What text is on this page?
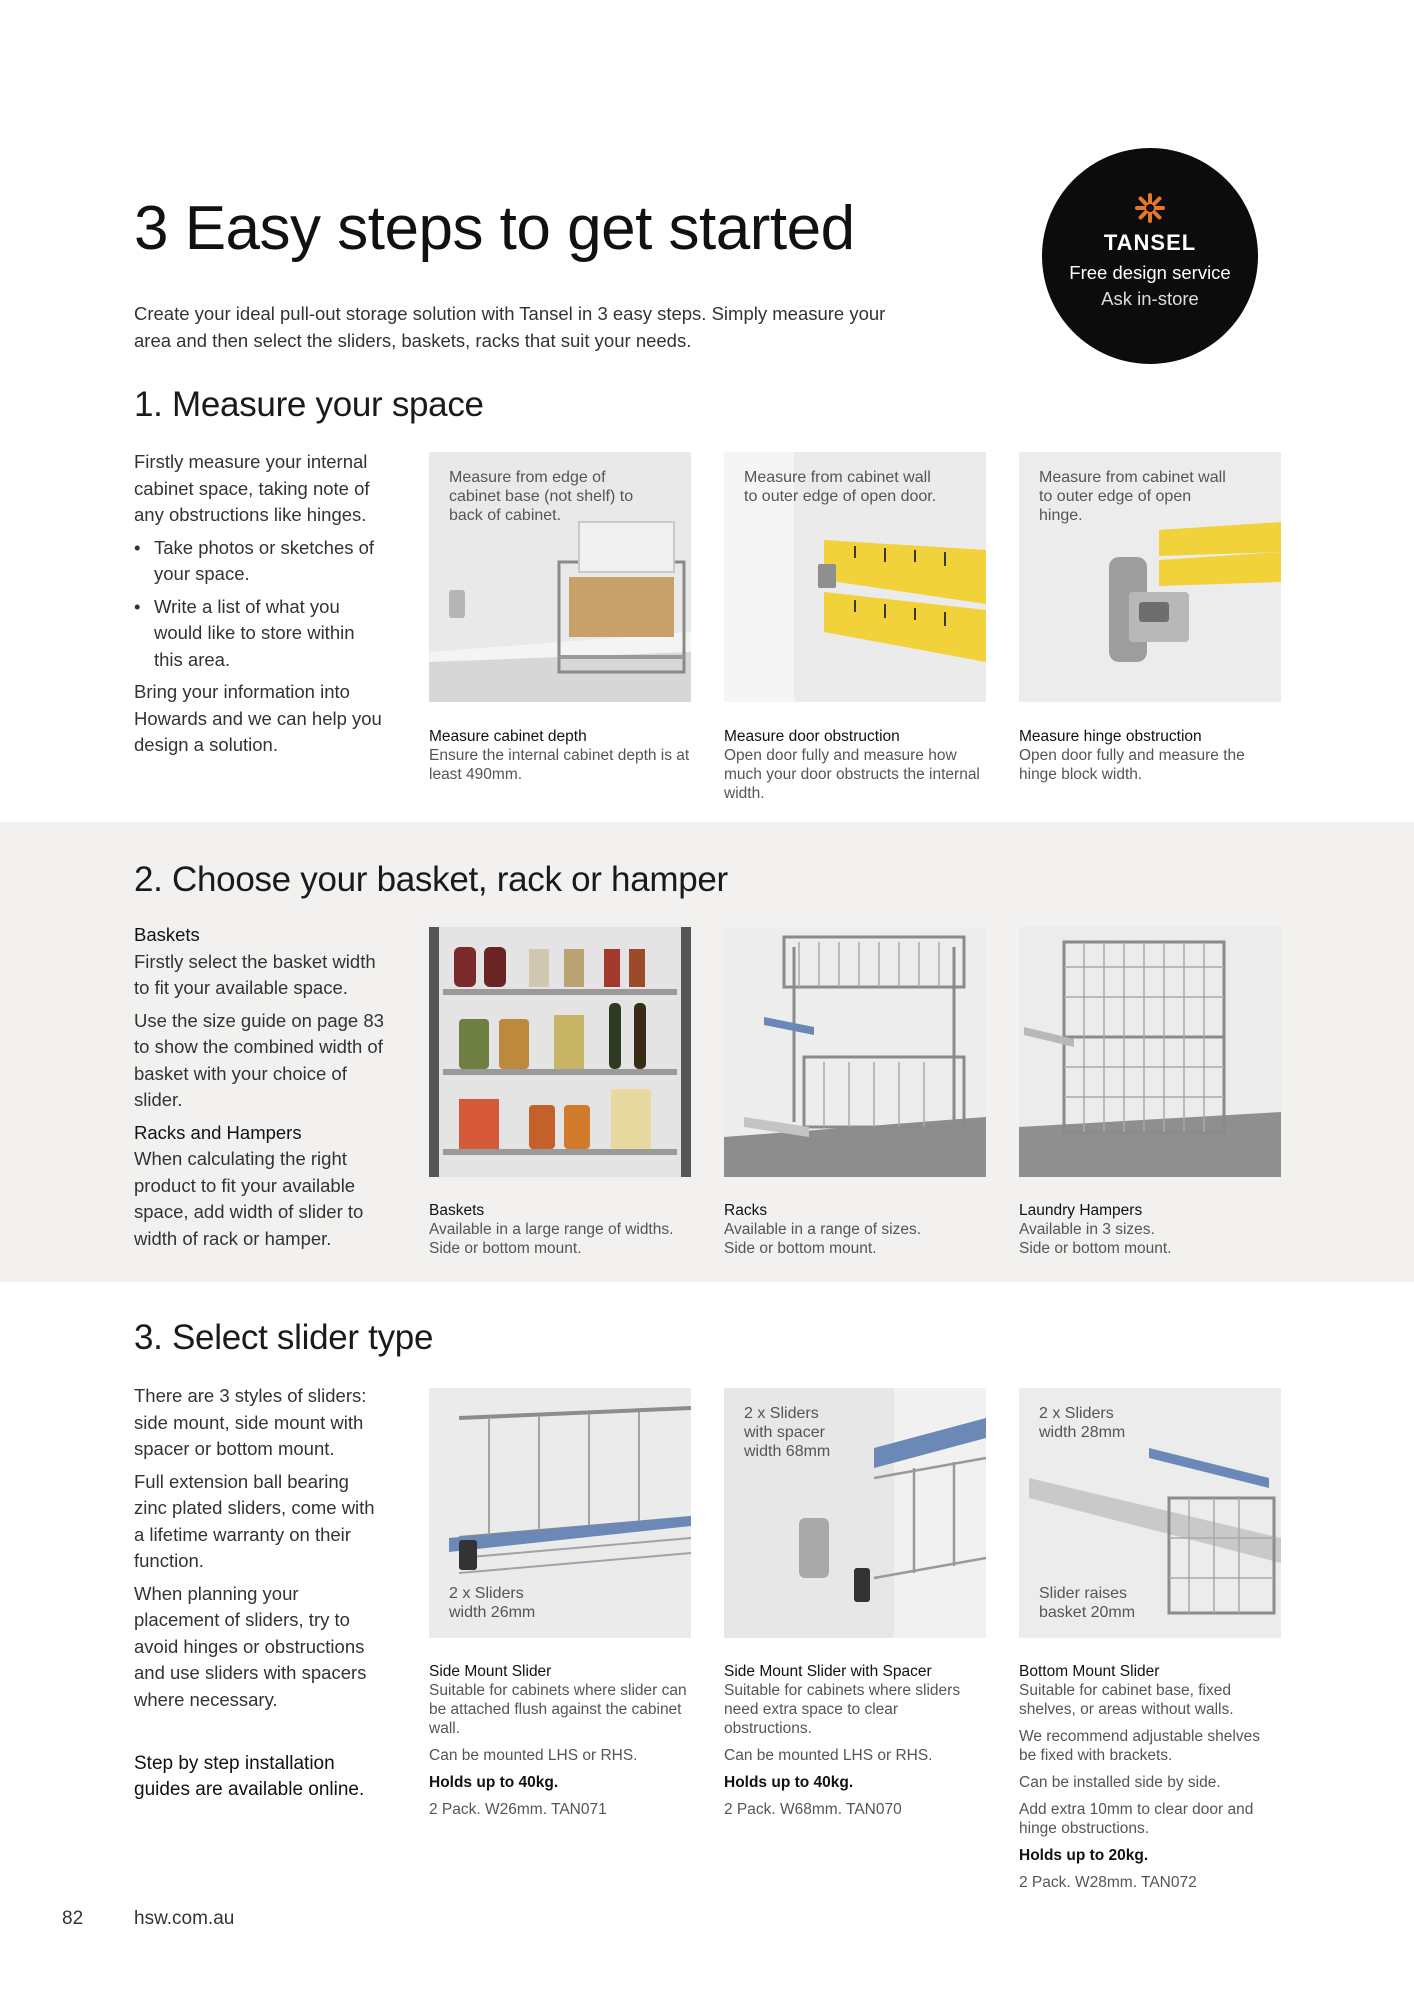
3 Easy steps to get started

Create your ideal pull-out storage solution with Tansel in 3 easy steps. Simply measure your area and then select the sliders, baskets, racks that suit your needs.

TANSEL
Free design service
Ask in-store
1. Measure your space

Firstly measure your internal cabinet space, taking note of any obstructions like hinges.

• Take photos or sketches of your space.
• Write a list of what you would like to store within this area.

Bring your information into Howards and we can help you design a solution.

Measure from edge of cabinet base (not shelf) to back of cabinet.
Measure cabinet depth
Ensure the internal cabinet depth is at least 490mm.
Measure from cabinet wall to outer edge of open door.
Measure door obstruction
Open door fully and measure how much your door obstructs the internal width.
Measure from cabinet wall to outer edge of open hinge.
Measure hinge obstruction
Open door fully and measure the hinge block width.
2. Choose your basket, rack or hamper
Baskets

Firstly select the basket width to fit your available space.

Use the size guide on page 83 to show the combined width of basket with your choice of slider.

Racks and Hampers

When calculating the right product to fit your available space, add width of slider to width of rack or hamper.

Baskets
Available in a large range of widths.
Side or bottom mount.
Racks
Available in a range of sizes.
Side or bottom mount.
Laundry Hampers
Available in 3 sizes.
Side or bottom mount.
3. Select slider type

There are 3 styles of sliders: side mount, side mount with spacer or bottom mount.

Full extension ball bearing zinc plated sliders, come with a lifetime warranty on their function.

When planning your placement of sliders, try to avoid hinges or obstructions and use sliders with spacers where necessary.

Step by step installation guides are available online.
2 x Sliders
width 26mm
Side Mount Slider
Suitable for cabinets where slider can be attached flush against the cabinet wall.
Can be mounted LHS or RHS.
Holds up to 40kg.
2 Pack. W26mm. TAN071
2 x Sliders
with spacer
width 68mm
Side Mount Slider with Spacer
Suitable for cabinets where sliders need extra space to clear obstructions.
Can be mounted LHS or RHS.
Holds up to 40kg.
2 Pack. W68mm. TAN070
2 x Sliders
width 28mm
Slider raises
basket 20mm
Bottom Mount Slider
Suitable for cabinet base, fixed shelves, or areas without walls.
We recommend adjustable shelves be fixed with brackets.
Can be installed side by side.
Add extra 10mm to clear door and hinge obstructions.
Holds up to 20kg.
2 Pack. W28mm. TAN072
82	hsw.com.au
